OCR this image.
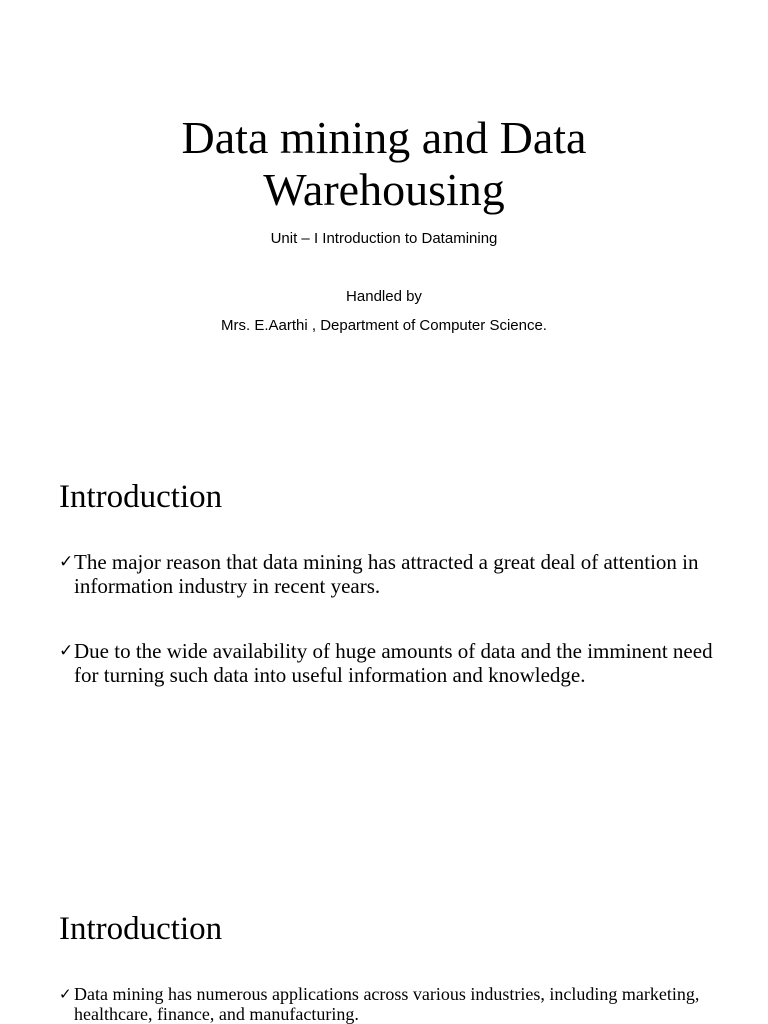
Data mining and Data
Warehousing

Unit – I Introduction to Datamining

Handled by

Mrs. E.Aarthi , Department of Computer Science.

Introduction
✓ The major reason that data mining has attracted a great deal of attention in information industry in recent years.
✓ Due to the wide availability of huge amounts of data and the imminent need for turning such data into useful information and knowledge.
Introduction
✓ Data mining has numerous applications across various industries, including marketing, healthcare, finance, and manufacturing.
